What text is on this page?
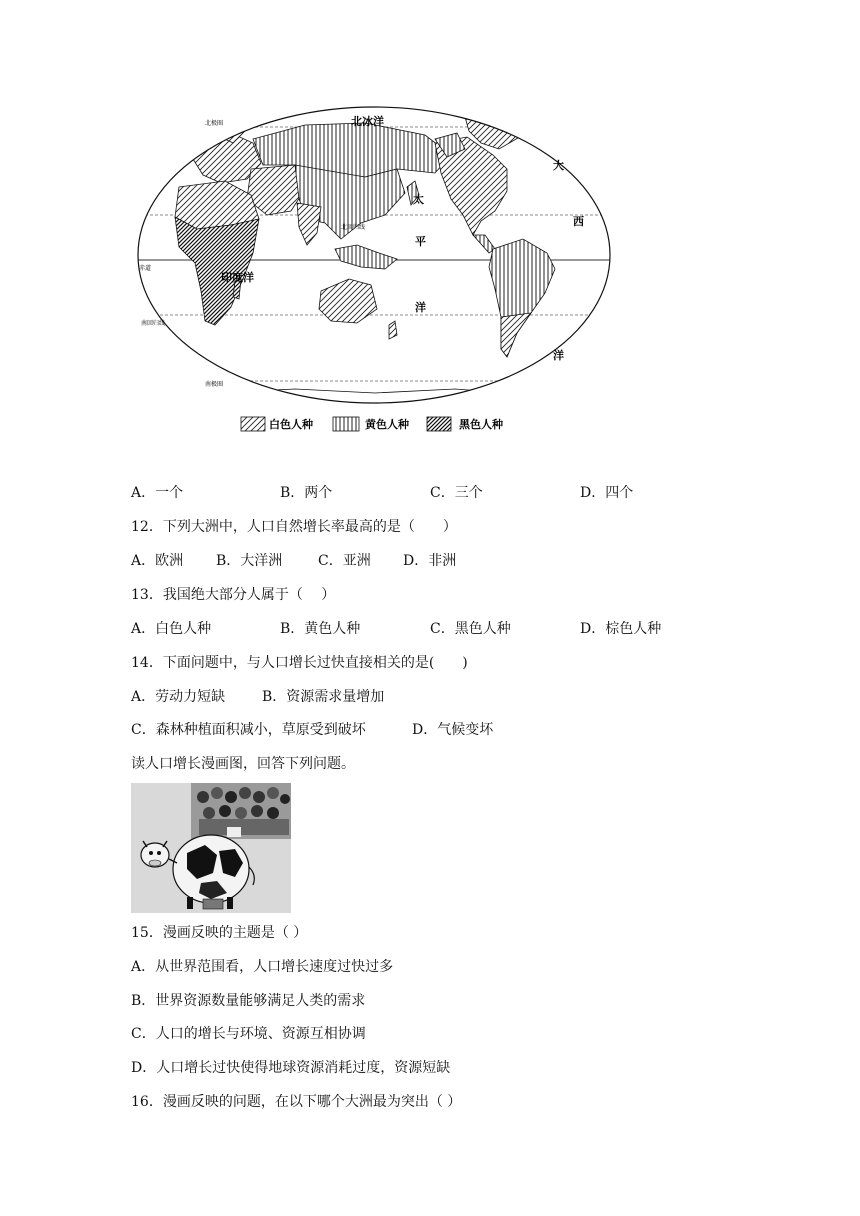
北冰洋
太
平
洋
大
西
洋
印度洋
北极圈
北回归线
赤道
南回归线
南极圈
白色人种	黄色人种	黑色人种
A．一个	B．两个	C．三个	D．四个
12．下列大洲中，人口自然增长率最高的是（　　）
A．欧洲 B．大洋洲	C．亚洲 D．非洲
13．我国绝大部分人属于（　 ）
A．白色人种	B．黄色人种	C．黑色人种	D．棕色人种
14．下面问题中，与人口增长过快直接相关的是(　　)
A．劳动力短缺	B．资源需求量增加
C．森林种植面积减小，草原受到破坏	D．气候变坏
读人口增长漫画图，回答下列问题。
15．漫画反映的主题是（ ）
A．从世界范围看，人口增长速度过快过多
B．世界资源数量能够满足人类的需求
C．人口的增长与环境、资源互相协调
D．人口增长过快使得地球资源消耗过度，资源短缺
16．漫画反映的问题，在以下哪个大洲最为突出（ ）
